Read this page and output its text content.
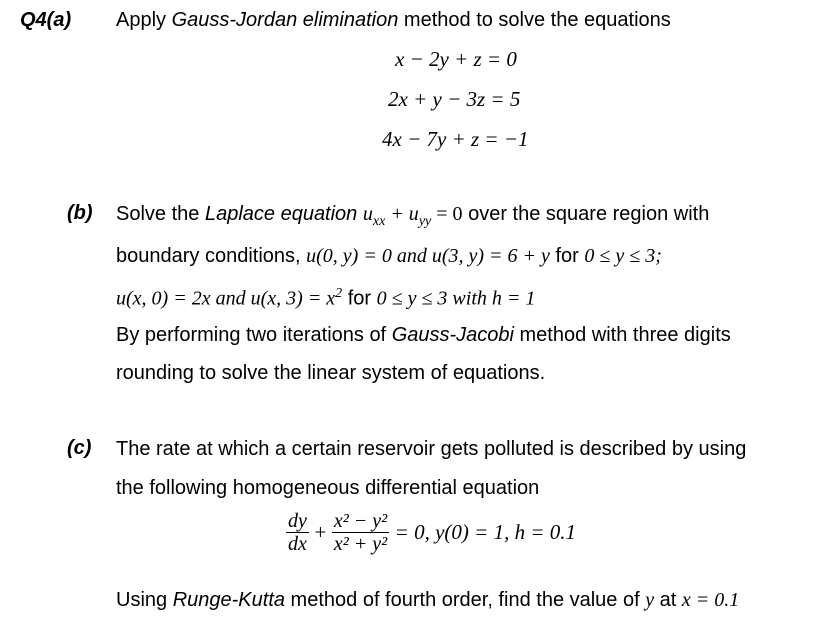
Q4(a) Apply Gauss-Jordan elimination method to solve the equations
x − 2y + z = 0
2x + y − 3z = 5
4x − 7y + z = −1
(b) Solve the Laplace equation $u_{xx} + u_{yy} = 0$ over the square region with
boundary conditions, u(0, y) = 0 and u(3, y) = 6 + y for 0 ≤ y ≤ 3;
u(x, 0) = 2x and u(x, $3) = x^2$ for 0 ≤ y ≤ 3 with h = 1
By performing two iterations of Gauss-Jacobi method with three digits
rounding to solve the linear system of equations.
(c) The rate at which a certain reservoir gets polluted is described by using
the following homogeneous differential equation
$\frac{dy}{dx} + \frac{\text{x² − y²}}{\text{x² + y²}} = 0$, y(0) = 1, h = 0.1
Using Runge-Kutta method of fourth order, find the value of y at x = 0.1
